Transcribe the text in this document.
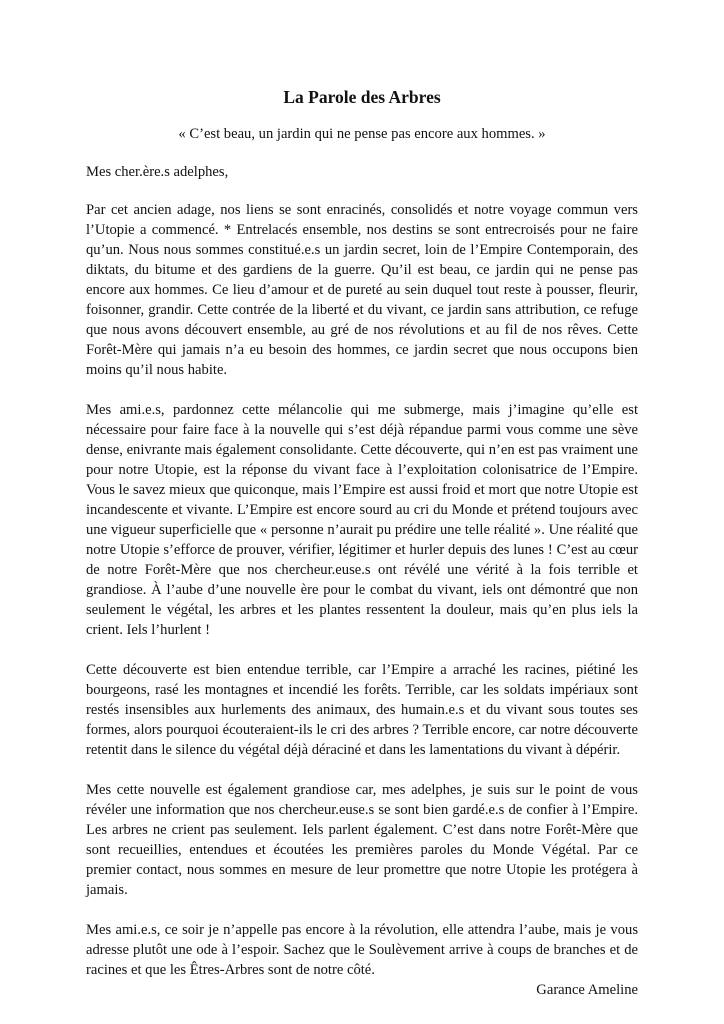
La Parole des Arbres

« C’est beau, un jardin qui ne pense pas encore aux hommes. »

Mes cher.ère.s adelphes,

Par cet ancien adage, nos liens se sont enracinés, consolidés et notre voyage commun vers l’Utopie a commencé. * Entrelacés ensemble, nos destins se sont entrecroisés pour ne faire qu’un. Nous nous sommes constitué.e.s un jardin secret, loin de l’Empire Contemporain, des diktats, du bitume et des gardiens de la guerre. Qu’il est beau, ce jardin qui ne pense pas encore aux hommes. Ce lieu d’amour et de pureté au sein duquel tout reste à pousser, fleurir, foisonner, grandir. Cette contrée de la liberté et du vivant, ce jardin sans attribution, ce refuge que nous avons découvert ensemble, au gré de nos révolutions et au fil de nos rêves. Cette Forêt-Mère qui jamais n’a eu besoin des hommes, ce jardin secret que nous occupons bien moins qu’il nous habite.

Mes ami.e.s, pardonnez cette mélancolie qui me submerge, mais j’imagine qu’elle est nécessaire pour faire face à la nouvelle qui s’est déjà répandue parmi vous comme une sève dense, enivrante mais également consolidante. Cette découverte, qui n’en est pas vraiment une pour notre Utopie, est la réponse du vivant face à l’exploitation colonisatrice de l’Empire. Vous le savez mieux que quiconque, mais l’Empire est aussi froid et mort que notre Utopie est incandescente et vivante. L’Empire est encore sourd au cri du Monde et prétend toujours avec une vigueur superficielle que « personne n’aurait pu prédire une telle réalité ». Une réalité que notre Utopie s’efforce de prouver, vérifier, légitimer et hurler depuis des lunes ! C’est au cœur de notre Forêt-Mère que nos chercheur.euse.s ont révélé une vérité à la fois terrible et grandiose. À l’aube d’une nouvelle ère pour le combat du vivant, iels ont démontré que non seulement le végétal, les arbres et les plantes ressentent la douleur, mais qu’en plus iels la crient. Iels l’hurlent !

Cette découverte est bien entendue terrible, car l’Empire a arraché les racines, piétiné les bourgeons, rasé les montagnes et incendié les forêts. Terrible, car les soldats impériaux sont restés insensibles aux hurlements des animaux, des humain.e.s et du vivant sous toutes ses formes, alors pourquoi écouteraient-ils le cri des arbres ? Terrible encore, car notre découverte retentit dans le silence du végétal déjà déraciné et dans les lamentations du vivant à dépérir.

Mes cette nouvelle est également grandiose car, mes adelphes, je suis sur le point de vous révéler une information que nos chercheur.euse.s se sont bien gardé.e.s de confier à l’Empire. Les arbres ne crient pas seulement. Iels parlent également. C’est dans notre Forêt-Mère que sont recueillies, entendues et écoutées les premières paroles du Monde Végétal. Par ce premier contact, nous sommes en mesure de leur promettre que notre Utopie les protégera à jamais.

Mes ami.e.s, ce soir je n’appelle pas encore à la révolution, elle attendra l’aube, mais je vous adresse plutôt une ode à l’espoir. Sachez que le Soulèvement arrive à coups de branches et de racines et que les Êtres-Arbres sont de notre côté.

Garance Ameline
